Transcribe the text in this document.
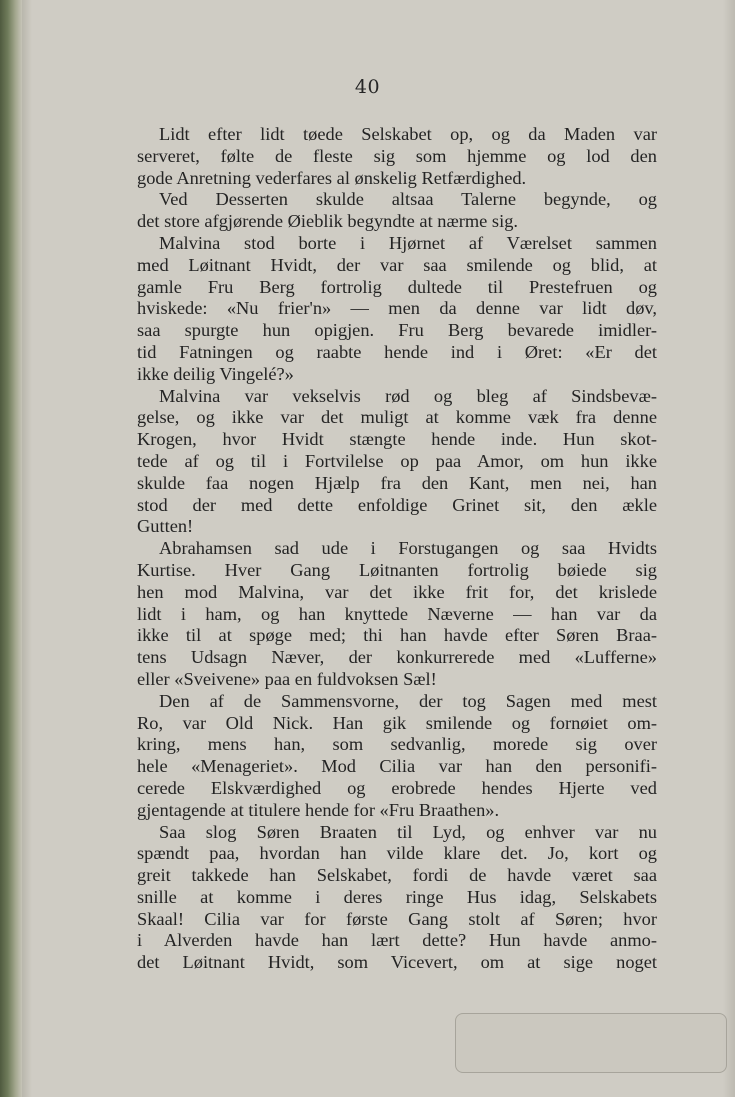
40
Lidt efter lidt tøede Selskabet op, og da Maden var
serveret, følte de fleste sig som hjemme og lod den
gode Anretning vederfares al ønskelig Retfærdighed.
Ved Desserten skulde altsaa Talerne begynde, og
det store afgjørende Øieblik begyndte at nærme sig.
Malvina stod borte i Hjørnet af Værelset sammen
med Løitnant Hvidt, der var saa smilende og blid, at
gamle Fru Berg fortrolig dultede til Prestefruen og
hviskede: «Nu frier'n» — men da denne var lidt døv,
saa spurgte hun opigjen. Fru Berg bevarede imidler-
tid Fatningen og raabte hende ind i Øret: «Er det
ikke deilig Vingelé?»
Malvina var vekselvis rød og bleg af Sindsbevæ-
gelse, og ikke var det muligt at komme væk fra denne
Krogen, hvor Hvidt stængte hende inde. Hun skot-
tede af og til i Fortvilelse op paa Amor, om hun ikke
skulde faa nogen Hjælp fra den Kant, men nei, han
stod der med dette enfoldige Grinet sit, den ækle
Gutten!
Abrahamsen sad ude i Forstugangen og saa Hvidts
Kurtise. Hver Gang Løitnanten fortrolig bøiede sig
hen mod Malvina, var det ikke frit for, det krislede
lidt i ham, og han knyttede Næverne — han var da
ikke til at spøge med; thi han havde efter Søren Braa-
tens Udsagn Næver, der konkurrerede med «Lufferne»
eller «Sveivene» paa en fuldvoksen Sæl!
Den af de Sammensvorne, der tog Sagen med mest
Ro, var Old Nick. Han gik smilende og fornøiet om-
kring, mens han, som sedvanlig, morede sig over
hele «Menageriet». Mod Cilia var han den personifi-
cerede Elskværdighed og erobrede hendes Hjerte ved
gjentagende at titulere hende for «Fru Braathen».
Saa slog Søren Braaten til Lyd, og enhver var nu
spændt paa, hvordan han vilde klare det. Jo, kort og
greit takkede han Selskabet, fordi de havde været saa
snille at komme i deres ringe Hus idag, Selskabets
Skaal! Cilia var for første Gang stolt af Søren; hvor
i Alverden havde han lært dette? Hun havde anmo-
det Løitnant Hvidt, som Vicevert, om at sige noget
